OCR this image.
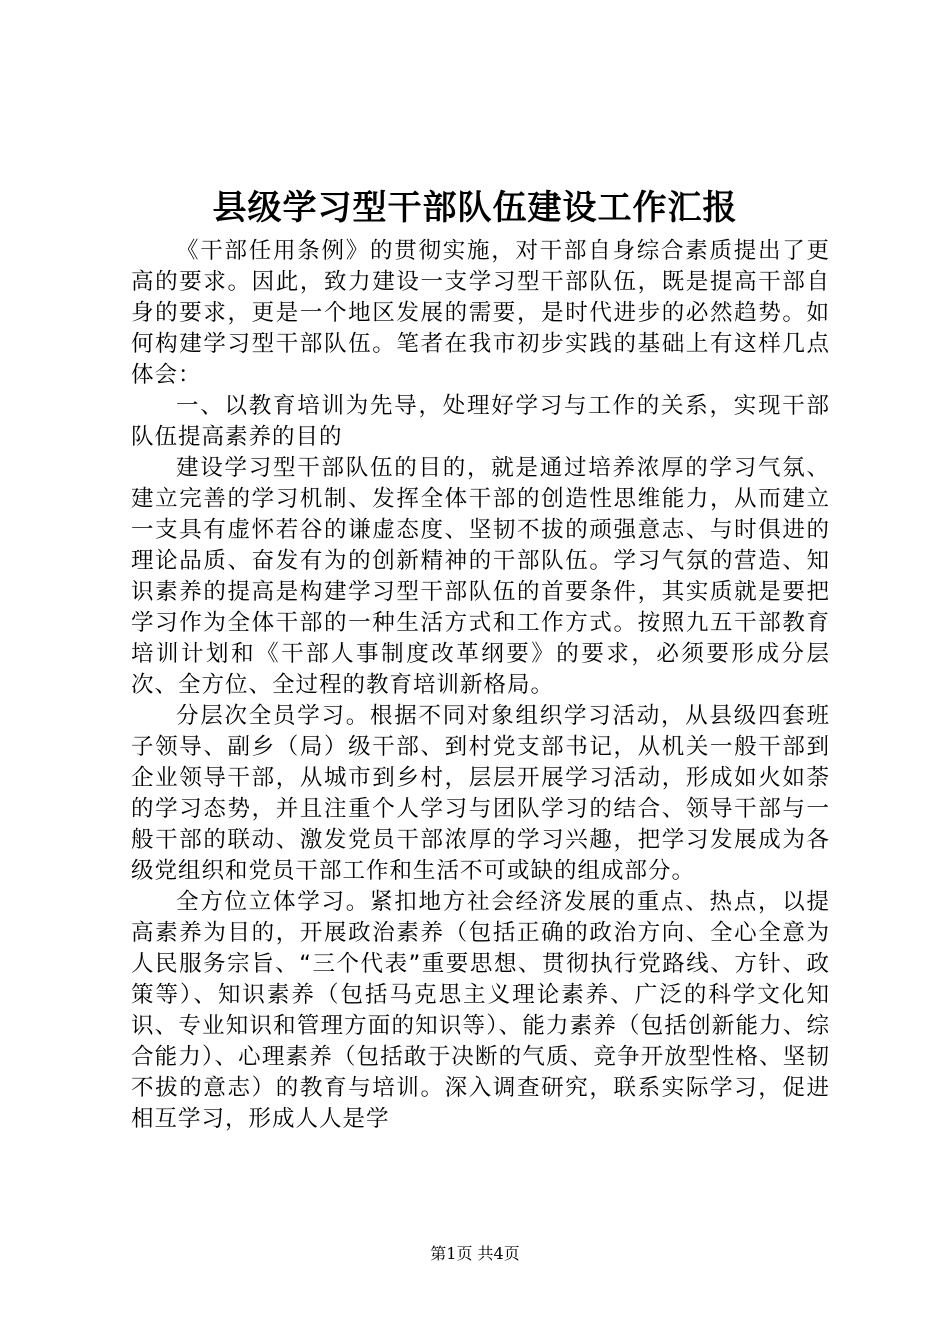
县级学习型干部队伍建设工作汇报

《干部任用条例》的贯彻实施，对干部自身综合素质提出了更高的要求。因此，致力建设一支学习型干部队伍，既是提高干部自身的要求，更是一个地区发展的需要，是时代进步的必然趋势。如何构建学习型干部队伍。笔者在我市初步实践的基础上有这样几点体会：

一、以教育培训为先导，处理好学习与工作的关系，实现干部队伍提高素养的目的

建设学习型干部队伍的目的，就是通过培养浓厚的学习气氛、建立完善的学习机制、发挥全体干部的创造性思维能力，从而建立一支具有虚怀若谷的谦虚态度、坚韧不拔的顽强意志、与时俱进的理论品质、奋发有为的创新精神的干部队伍。学习气氛的营造、知识素养的提高是构建学习型干部队伍的首要条件，其实质就是要把学习作为全体干部的一种生活方式和工作方式。按照九五干部教育培训计划和《干部人事制度改革纲要》的要求，必须要形成分层次、全方位、全过程的教育培训新格局。

分层次全员学习。根据不同对象组织学习活动，从县级四套班子领导、副乡（局）级干部、到村党支部书记，从机关一般干部到企业领导干部，从城市到乡村，层层开展学习活动，形成如火如荼的学习态势，并且注重个人学习与团队学习的结合、领导干部与一般干部的联动、激发党员干部浓厚的学习兴趣，把学习发展成为各级党组织和党员干部工作和生活不可或缺的组成部分。

全方位立体学习。紧扣地方社会经济发展的重点、热点，以提高素养为目的，开展政治素养（包括正确的政治方向、全心全意为人民服务宗旨、“三个代表”重要思想、贯彻执行党路线、方针、政策等）、知识素养（包括马克思主义理论素养、广泛的科学文化知识、专业知识和管理方面的知识等）、能力素养（包括创新能力、综合能力）、心理素养（包括敢于决断的气质、竞争开放型性格、坚韧不拔的意志）的教育与培训。深入调查研究，联系实际学习，促进相互学习，形成人人是学

第1页 共4页
